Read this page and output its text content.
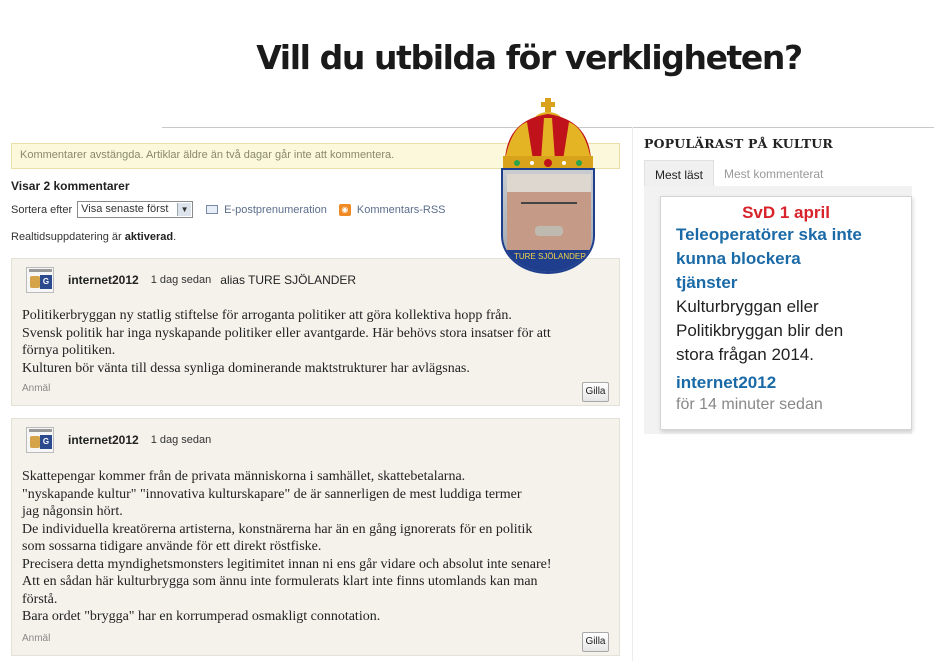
Vill du utbilda för verkligheten?
Kommentarer avstängda. Artiklar äldre än två dagar går inte att kommentera.
Visar 2 kommentarer
Sortera efter Visa senaste först	▼	E-postprenumeration	◉ Kommentars-RSS
Realtidsuppdatering är aktiverad.
G internet2012 1 dag sedan alias TURE SJÖLANDER
Politikerbryggan ny statlig stiftelse för arroganta politiker att göra kollektiva hopp från.
Svensk politik har inga nyskapande politiker eller avantgarde. Här behövs stora insatser för att
förnya politiken.
Kulturen bör vänta till dessa synliga dominerande maktstrukturer har avlägsnas.
Anmäl	Gilla
G internet2012 1 dag sedan
Skattepengar kommer från de privata människorna i samhället, skattebetalarna.
"nyskapande kultur" "innovativa kulturskapare" de är sannerligen de mest luddiga termer
jag någonsin hört.
De individuella kreatörerna artisterna, konstnärerna har än en gång ignorerats för en politik
som sossarna tidigare använde för ett direkt röstfiske.
Precisera detta myndighetsmonsters legitimitet innan ni ens går vidare och absolut inte senare!
Att en sådan här kulturbrygga som ännu inte formulerats klart inte finns utomlands kan man
förstå.
Bara ordet "brygga" har en korrumperad osmakligt connotation.
Anmäl	Gilla
POPULÄRAST PÅ KULTUR
Mest läst	Mest kommenterat
SvD 1 april
Teleoperatörer ska inte
kunna blockera
tjänster
Kulturbryggan eller
Politikbryggan blir den
stora frågan 2014.
internet2012
för 14 minuter sedan
TURE SJÖLANDER
